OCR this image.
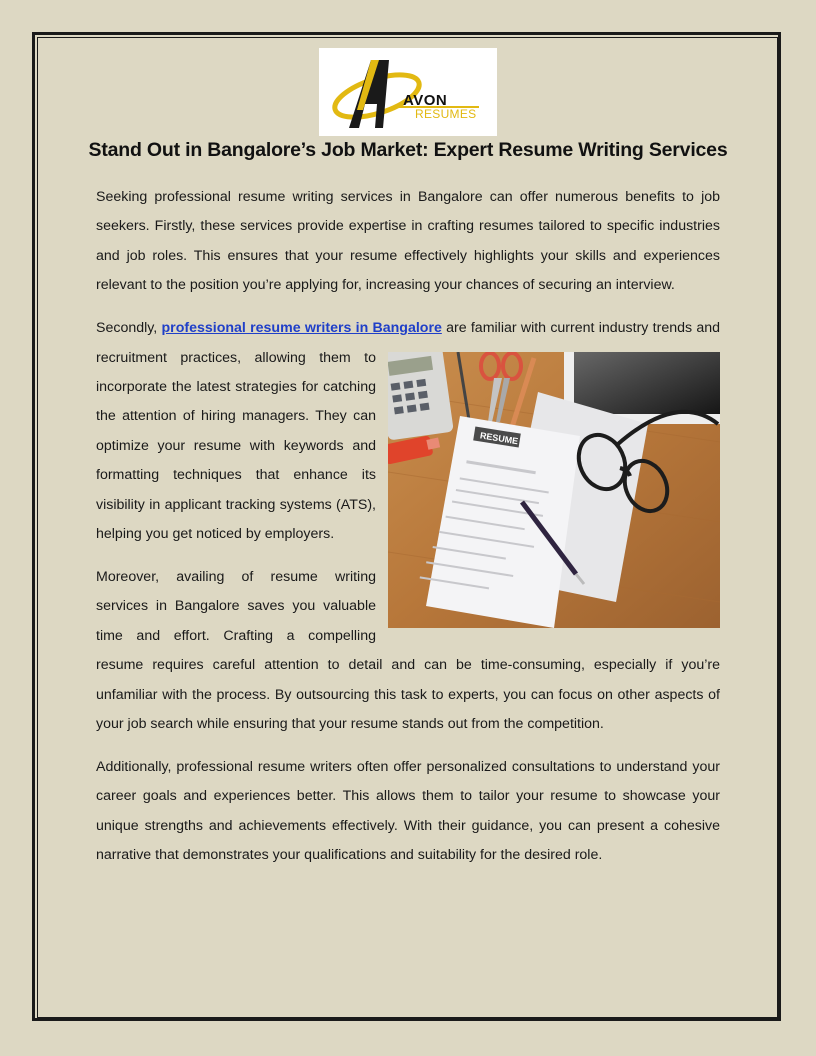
AVON
RESUMES
Stand Out in Bangalore’s Job Market: Expert Resume Writing Services

Seeking professional resume writing services in Bangalore can offer numerous benefits to job seekers. Firstly, these services provide expertise in crafting resumes tailored to specific industries and job roles. This ensures that your resume effectively highlights your skills and experiences relevant to the position you’re applying for, increasing your chances of securing an interview.

Secondly, professional resume writers in Bangalore
RESUME
are familiar with current industry trends and recruitment practices, allowing them to incorporate the latest strategies for catching the attention of hiring managers. They can optimize your resume with keywords and formatting techniques that enhance its visibility in applicant tracking systems (ATS), helping you get noticed by employers.

Moreover, availing of resume writing services in Bangalore saves you valuable time and effort. Crafting a compelling resume requires careful attention to detail and can be time-consuming, especially if you’re unfamiliar with the process. By outsourcing this task to experts, you can focus on other aspects of your job search while ensuring that your resume stands out from the competition.

Additionally, professional resume writers often offer personalized consultations to understand your career goals and experiences better. This allows them to tailor your resume to showcase your unique strengths and achievements effectively. With their guidance, you can present a cohesive narrative that demonstrates your qualifications and suitability for the desired role.
